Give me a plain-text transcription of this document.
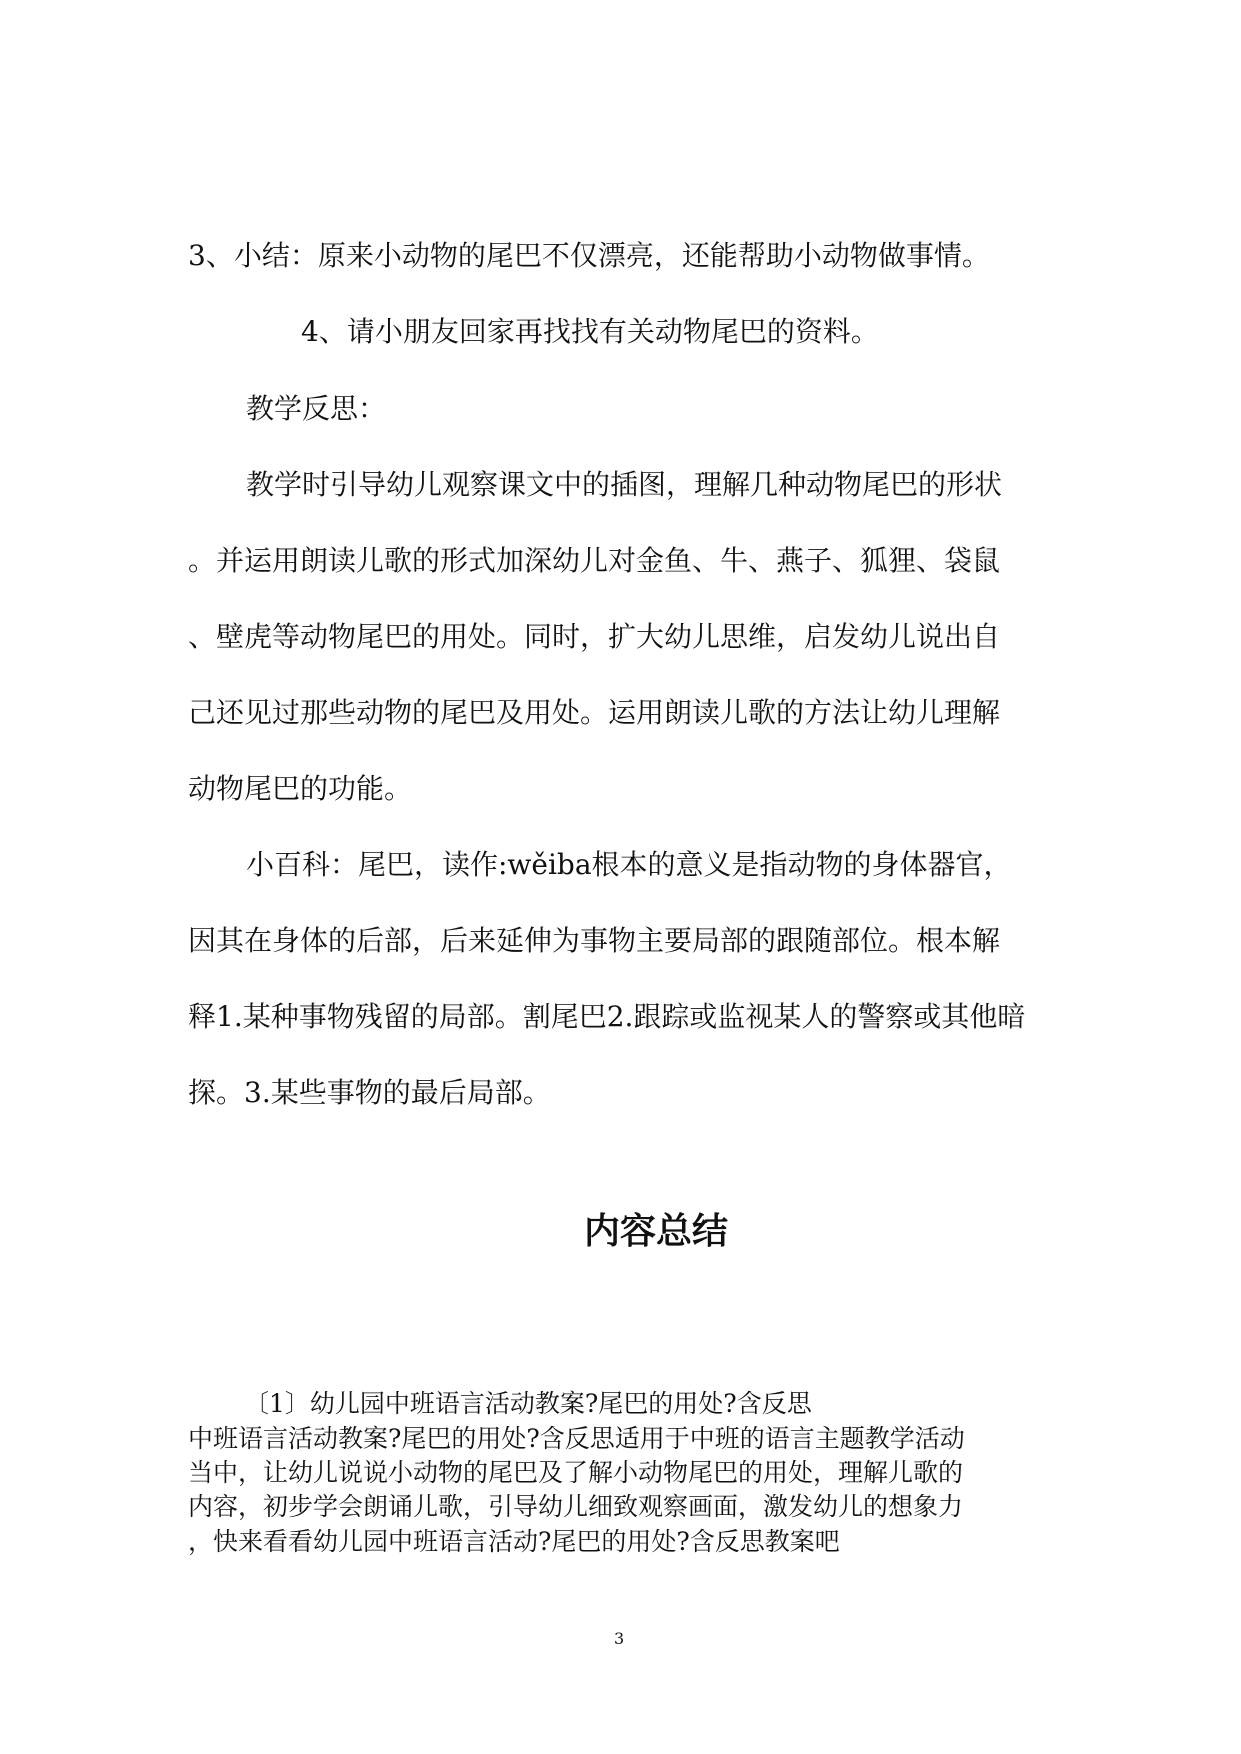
3、小结：原来小动物的尾巴不仅漂亮，还能帮助小动物做事情。
4、请小朋友回家再找找有关动物尾巴的资料。
教学反思：
教学时引导幼儿观察课文中的插图，理解几种动物尾巴的形状
。并运用朗读儿歌的形式加深幼儿对金鱼、牛、燕子、狐狸、袋鼠
、壁虎等动物尾巴的用处。同时，扩大幼儿思维，启发幼儿说出自
己还见过那些动物的尾巴及用处。运用朗读儿歌的方法让幼儿理解
动物尾巴的功能。
小百科：尾巴，读作:wěiba根本的意义是指动物的身体器官，
因其在身体的后部，后来延伸为事物主要局部的跟随部位。根本解
释1.某种事物残留的局部。割尾巴2.跟踪或监视某人的警察或其他暗
探。3.某些事物的最后局部。
内容总结
〔1〕幼儿园中班语言活动教案?尾巴的用处?含反思
中班语言活动教案?尾巴的用处?含反思适用于中班的语言主题教学活动
当中，让幼儿说说小动物的尾巴及了解小动物尾巴的用处，理解儿歌的
内容，初步学会朗诵儿歌，引导幼儿细致观察画面，激发幼儿的想象力
，快来看看幼儿园中班语言活动?尾巴的用处?含反思教案吧
3
